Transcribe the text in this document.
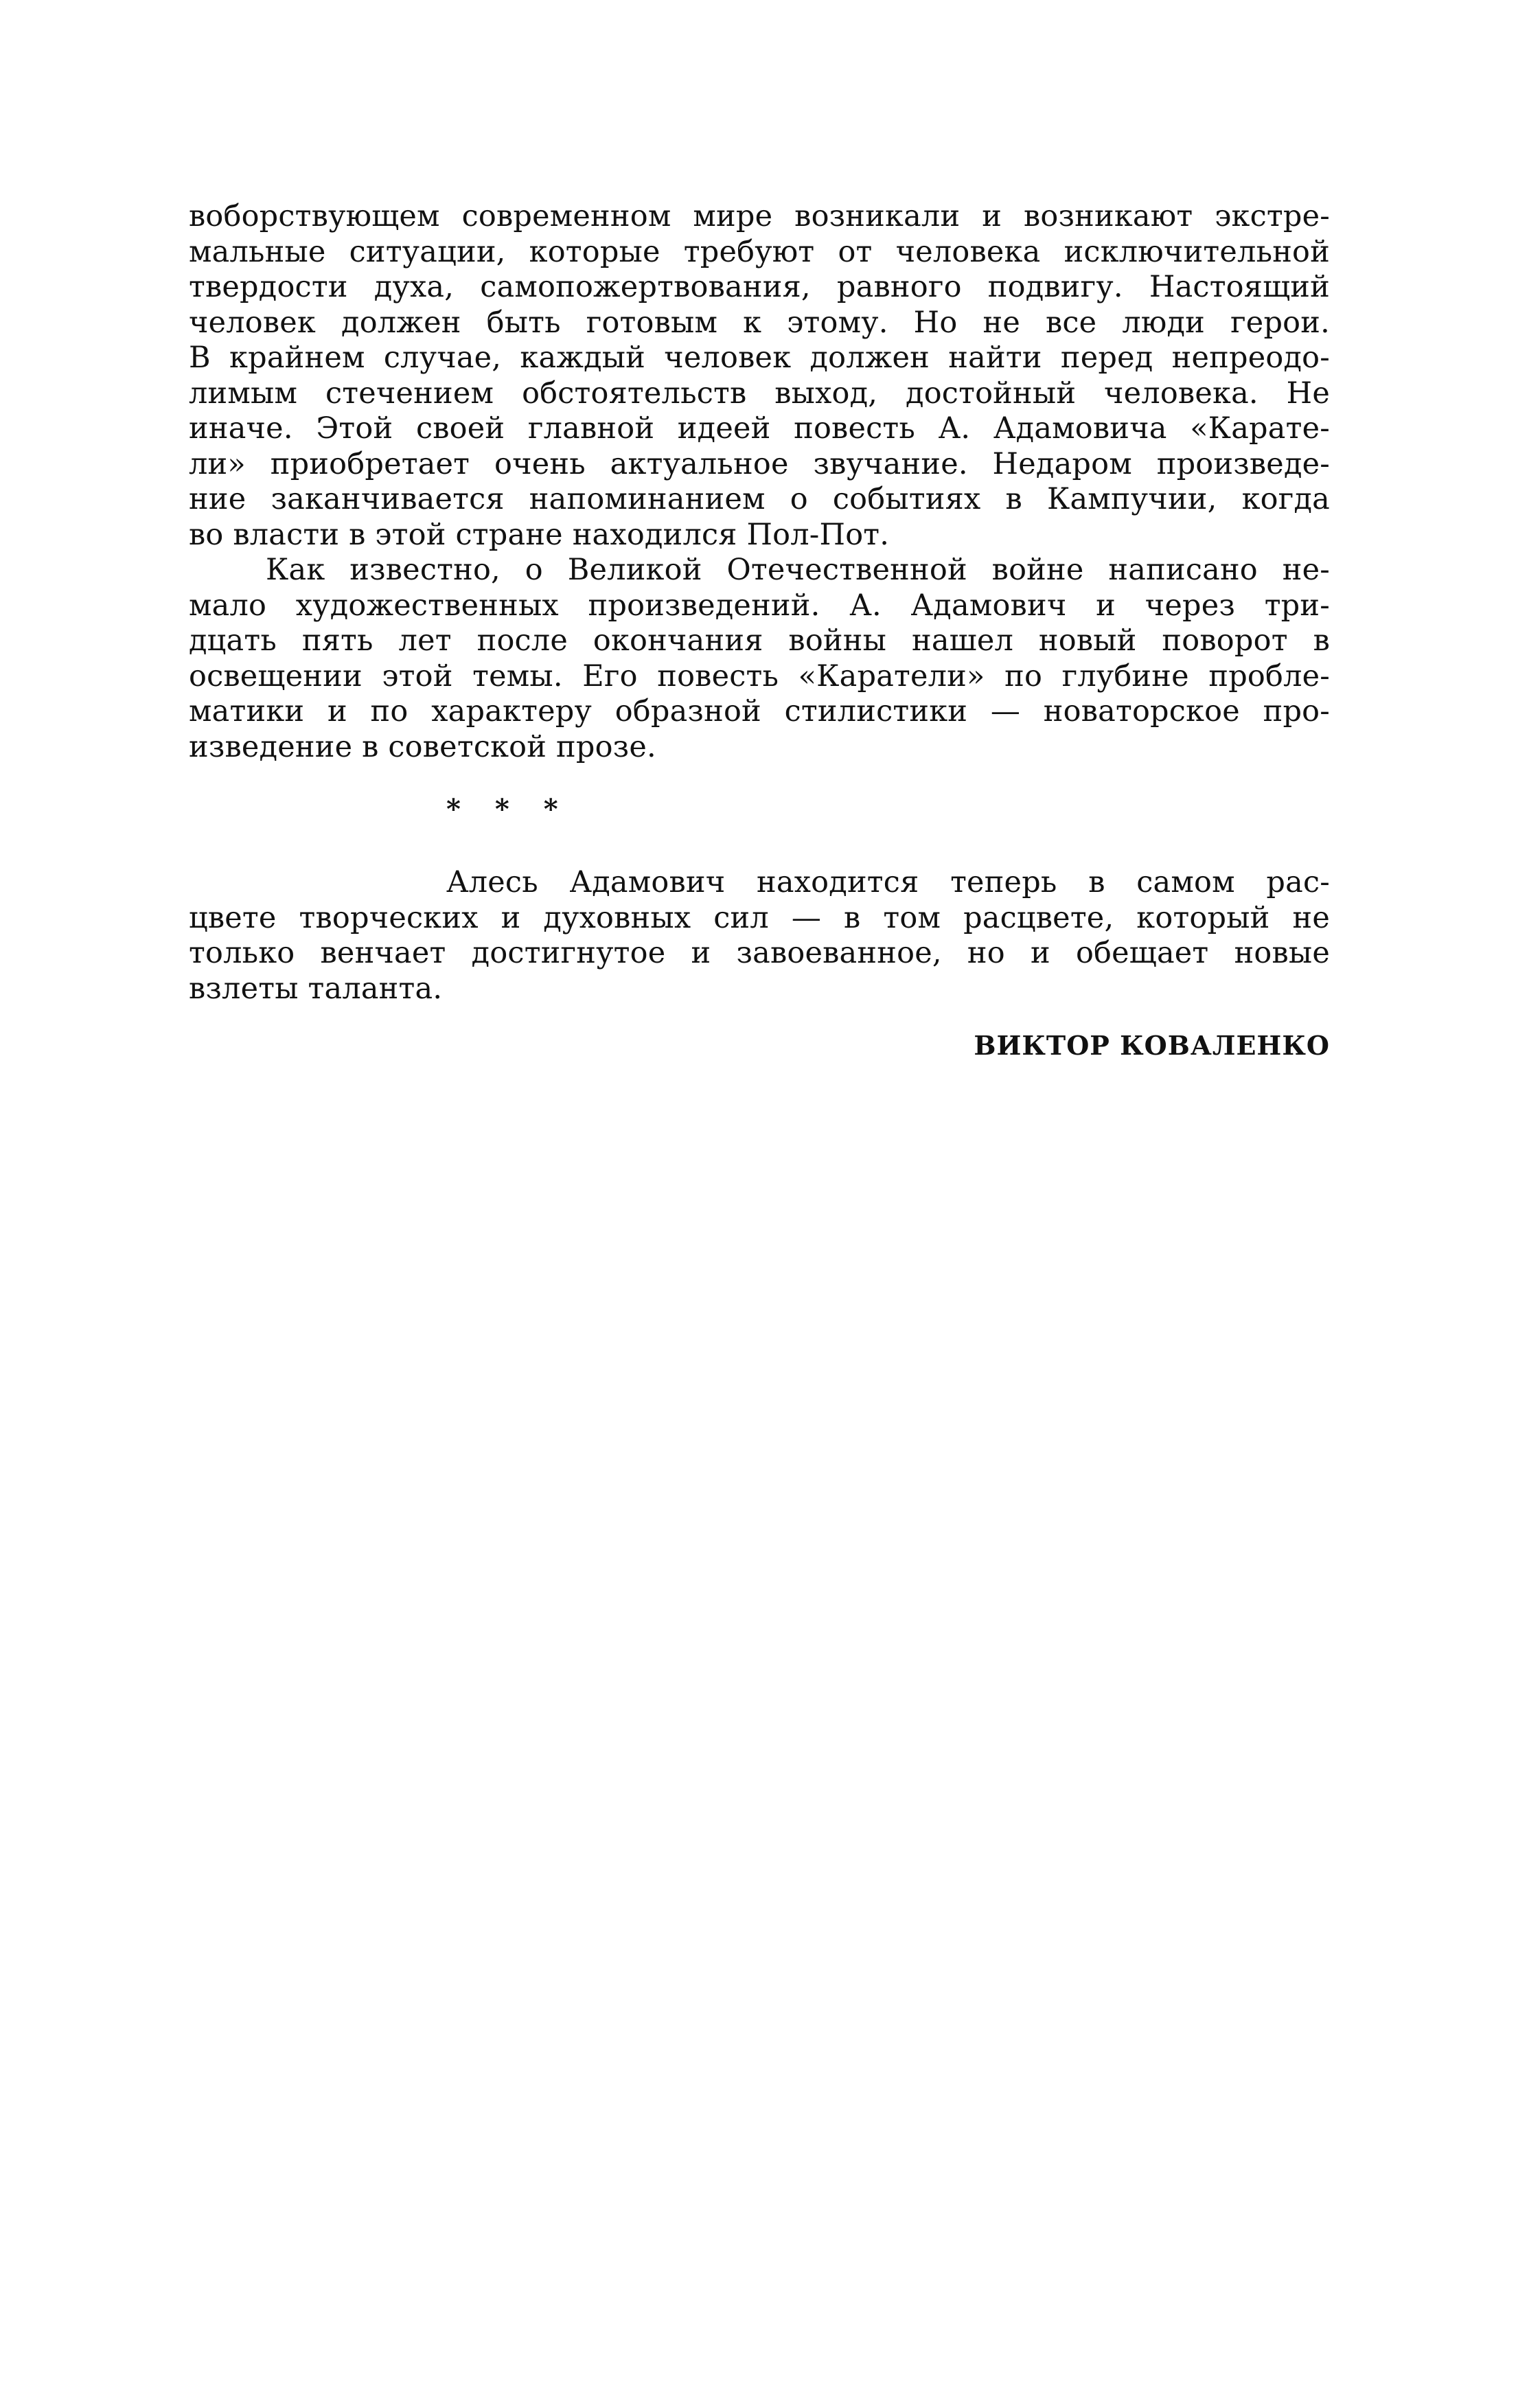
воборствующем современном мире возникали и возникают экстре-
мальные ситуации, которые требуют от человека исключительной
твердости духа, самопожертвования, равного подвигу. Настоящий
человек должен быть готовым к этому. Но не все люди герои.
В крайнем случае, каждый человек должен найти перед непреодо-
лимым стечением обстоятельств выход, достойный человека. Не
иначе. Этой своей главной идеей повесть А. Адамовича «Карате-
ли» приобретает очень актуальное звучание. Недаром произведе-
ние заканчивается напоминанием о событиях в Кампучии, когда
во власти в этой стране находился Пол-Пот.
Как известно, о Великой Отечественной войне написано не-
мало художественных произведений. А. Адамович и через три-
дцать пять лет после окончания войны нашел новый поворот в
освещении этой темы. Его повесть «Каратели» по глубине пробле-
матики и по характеру образной стилистики — новаторское про-
изведение в советской прозе.
* * *
Алесь Адамович находится теперь в самом рас-
цвете творческих и духовных сил — в том расцвете, который не
только венчает достигнутое и завоеванное, но и обещает новые
взлеты таланта.
ВИКТОР КОВАЛЕНКО
